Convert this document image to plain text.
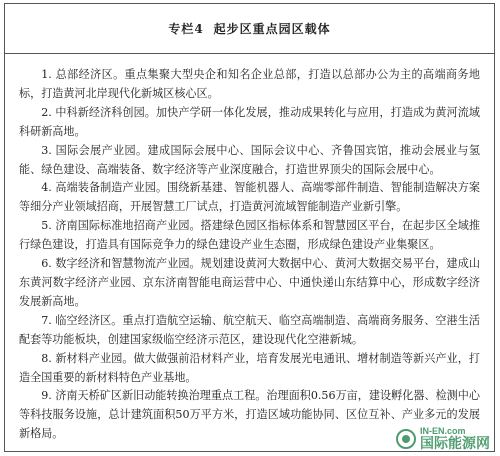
专栏4 起步区重点园区载体

1. 总部经济区。重点集聚大型央企和知名企业总部，打造以总部办公为主的高端商务地标，打造黄河北岸现代化新城区核心区。

2. 中科新经济科创园。加快产学研一体化发展，推动成果转化与应用，打造成为黄河流域科研新高地。

3. 国际会展产业园。建成国际会展中心、国际会议中心、齐鲁国宾馆，推动会展业与氢能、绿色建设、高端装备、数字经济等产业深度融合，打造世界顶尖的国际会展中心。

4. 高端装备制造产业园。围绕新基建、智能机器人、高端零部件制造、智能制造解决方案等细分产业领域招商，开展智慧工厂试点，打造黄河流域智能制造产业新引擎。

5. 济南国际标准地招商产业园。搭建绿色园区指标体系和智慧园区平台，在起步区全域推行绿色建设，打造具有国际竞争力的绿色建设产业生态圈，形成绿色建设产业集聚区。

6. 数字经济和智慧物流产业园。规划建设黄河大数据中心、黄河大数据交易平台，建成山东黄河数字经济产业园、京东济南智能电商运营中心、中通快递山东结算中心，形成数字经济发展新高地。

7. 临空经济区。重点打造航空运输、航空航天、临空高端制造、高端商务服务、空港生活配套等功能板块，创建国家级临空经济示范区，建设现代化空港新城。

8. 新材料产业园。做大做强前沿材料产业，培育发展光电通讯、增材制造等新兴产业，打造全国重要的新材料特色产业基地。

9. 济南天桥矿区新旧动能转换治理重点工程。治理面积0.56万亩，建设孵化器、检测中心等科技服务设施，总计建筑面积50万平方米，打造区域功能协同、区位互补、产业多元的发展新格局。	IN-EN.com
国际能源网
